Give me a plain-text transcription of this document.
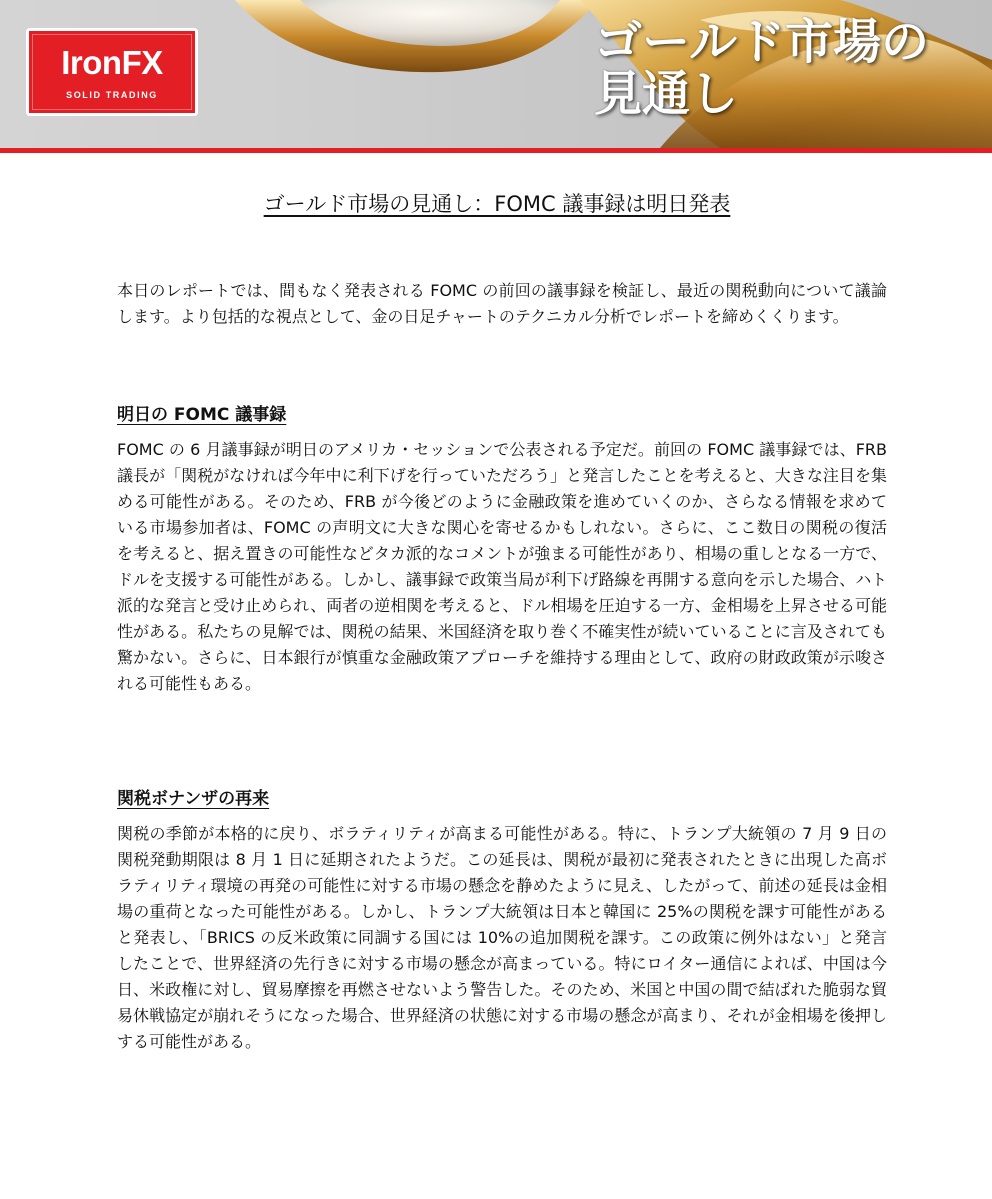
IronFX
SOLID TRADING
ゴールド市場の見通し
ゴールド市場の見通し：FOMC 議事録は明日発表

本日のレポートでは、間もなく発表される FOMC の前回の議事録を検証し、最近の関税動向について議論します。より包括的な視点として、金の日足チャートのテクニカル分析でレポートを締めくくります。

明日の FOMC 議事録

FOMC の 6 月議事録が明日のアメリカ・セッションで公表される予定だ。前回の FOMC 議事録では、FRB 議長が「関税がなければ今年中に利下げを行っていただろう」と発言したことを考えると、大きな注目を集める可能性がある。そのため、FRB が今後どのように金融政策を進めていくのか、さらなる情報を求めている市場参加者は、FOMC の声明文に大きな関心を寄せるかもしれない。さらに、ここ数日の関税の復活を考えると、据え置きの可能性などタカ派的なコメントが強まる可能性があり、相場の重しとなる一方で、ドルを支援する可能性がある。しかし、議事録で政策当局が利下げ路線を再開する意向を示した場合、ハト派的な発言と受け止められ、両者の逆相関を考えると、ドル相場を圧迫する一方、金相場を上昇させる可能性がある。私たちの見解では、関税の結果、米国経済を取り巻く不確実性が続いていることに言及されても驚かない。さらに、日本銀行が慎重な金融政策アプローチを維持する理由として、政府の財政政策が示唆される可能性もある。

関税ボナンザの再来

関税の季節が本格的に戻り、ボラティリティが高まる可能性がある。特に、トランプ大統領の 7 月 9 日の関税発動期限は 8 月 1 日に延期されたようだ。この延長は、関税が最初に発表されたときに出現した高ボラティリティ環境の再発の可能性に対する市場の懸念を静めたように見え、したがって、前述の延長は金相場の重荷となった可能性がある。しかし、トランプ大統領は日本と韓国に 25%の関税を課す可能性があると発表し、「BRICS の反米政策に同調する国には 10%の追加関税を課す。この政策に例外はない」と発言したことで、世界経済の先行きに対する市場の懸念が高まっている。特にロイター通信によれば、中国は今日、米政権に対し、貿易摩擦を再燃させないよう警告した。そのため、米国と中国の間で結ばれた脆弱な貿易休戦協定が崩れそうになった場合、世界経済の状態に対する市場の懸念が高まり、それが金相場を後押しする可能性がある。
